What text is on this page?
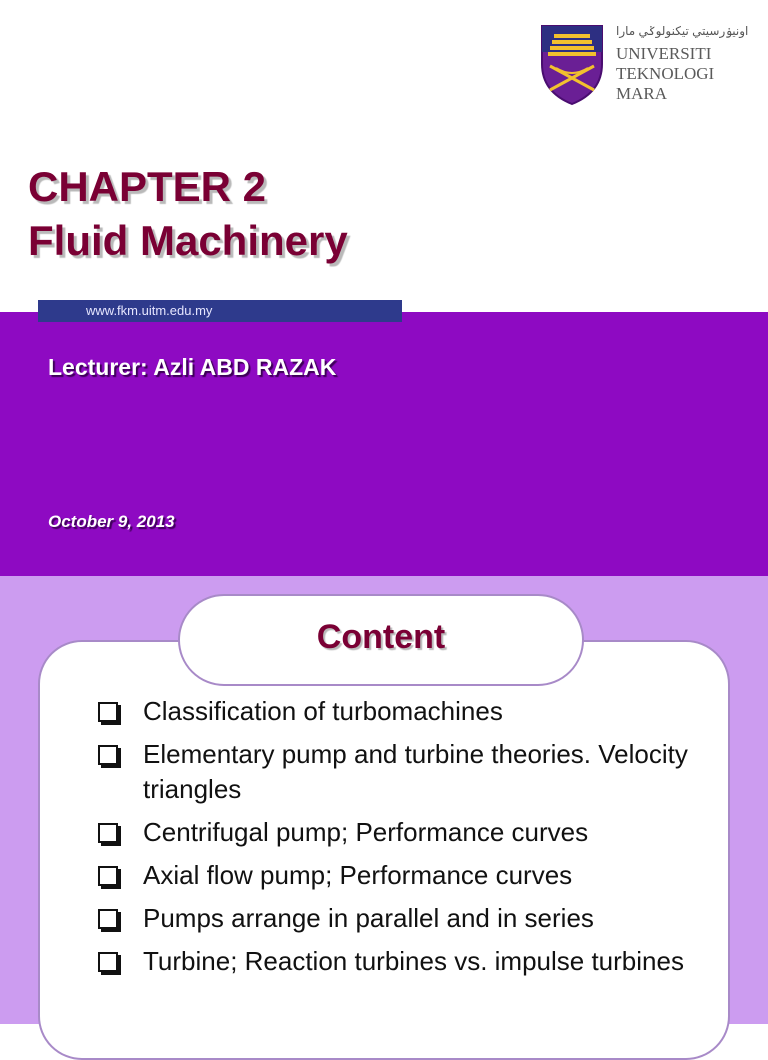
اونيۏرسيتي تيكنولوݢي مارا
UNIVERSITI
TEKNOLOGI
MARA
CHAPTER 2
Fluid Machinery
www.fkm.uitm.edu.my
Lecturer: Azli ABD RAZAK
October 9, 2013
Content
Classification of turbomachines
Elementary pump and turbine theories. Velocity triangles
Centrifugal pump; Performance curves
Axial flow pump; Performance curves
Pumps arrange in parallel and in series
Turbine; Reaction turbines vs. impulse turbines
